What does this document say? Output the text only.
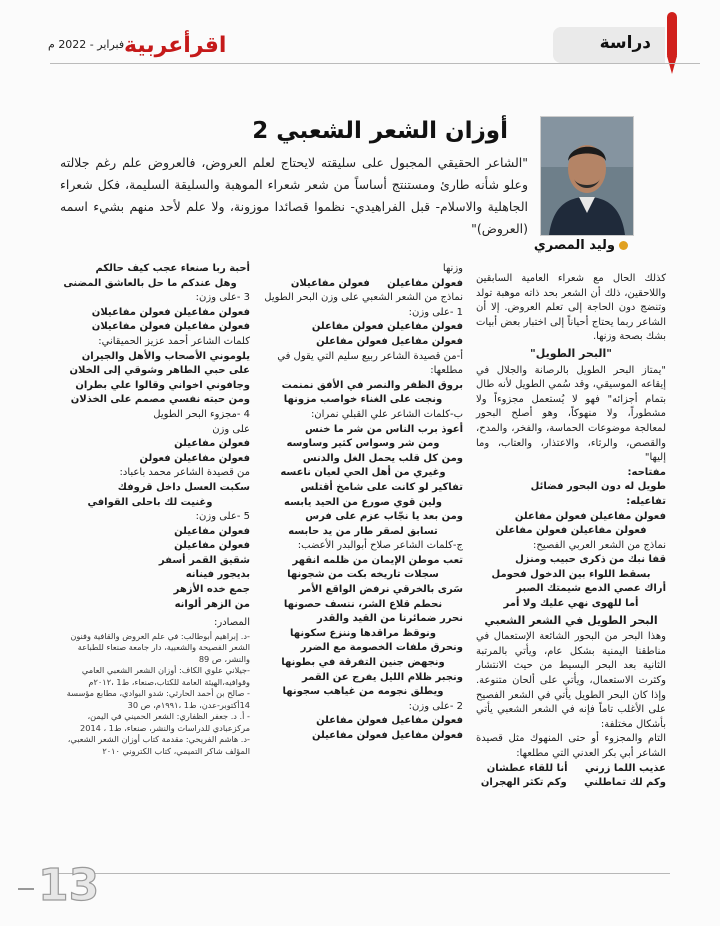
دراسة
اقرأعربية
فبراير - 2022 م
أوزان الشعر الشعبي 2
وليد المصري
"الشاعر الحقيقي المجبول على سليقته لايحتاج لعلم العروض، فالعروض علم رغم جلالته وعلو شأنه طارئ ومستنتج أساساً من شعر شعراء الموهبة والسليقة السليمة، فكل شعراء الجاهلية والاسلام- قبل الفراهيدي- نظموا قصائدا موزونة، ولا علم لأحد منهم بشيء اسمه (العروض)"

كذلك الحال مع شعراء العامية السابقين واللاحقين، ذلك أن الشعر بحد ذاته موهبة تولد وتنضج دون الحاجة إلى تعلم العروض. إلا أن الشاعر ربما يحتاج أحياناً إلى اختبار بعض أبيات بشك بصحة وزنها.

"البحر الطويل"

"يمتاز البحر الطويل بالرصانة والجلال في إيقاعه الموسيقي، وقد سُمي الطويل لأنه طال بتمام أجزائه" فهو لا يُستعمل مجزوءاً ولا مشطوراً، ولا منهوكاً، وهو أصلح البحور لمعالجة موضوعات الحماسة، والفخر، والمدح، والقصص، والرثاء، والاعتذار، والعتاب، وما إليها"

مفتاحه:

طويل له دون البحور فضائل

تفاعيله:

فعولن مفاعيلن فعولن مفاعلن

فعولن مفاعيلن فعولن مفاعلن

نماذج من الشعر العربي الفصيح:

قفا نبك من ذكرى حبيب ومنزل

بسقط اللواء بين الدخول فحومل

أراك عصي الدمع شيمتك الصبر

أما للهوى نهي عليك ولا أمر

البحر الطويل في الشعر الشعبي

وهذا البحر من البحور الشائعة الإستعمال في مناطقنا اليمنية بشكل عام، ويأتي بالمرتبة الثانية بعد البحر البسيط من حيث الانتشار وكثرت الاستعمال، ويأتي على ألحان متنوعة. وإذا كان البحر الطويل يأتي في الشعر الفصيح على الأغلب تاماً فإنه في الشعر الشعبي يأتي بأشكال مختلفة:

التام والمجزوء أو حتى المنهوك مثل قصيدة الشاعر أبي بكر العدني التي مطلعها:

عذيب اللما زرني     أنا للقاء عطشان

وكم لك تماطلني     وكم تكثر الهجران

وزنها

فعولن مفاعيلن     فعولن مفاعيلان

نماذج من الشعر الشعبي على وزن البحر الطويل

1 -على وزن:

فعولن مفاعيلن فعولن مفاعلن

فعولن مفاعيل فعولن مفاعلن

أ-من قصيدة الشاعر ربيع سليم التي يقول في مطلعها:

بروق الظفر والنصر في الأفق نمنمت

ونجت على الغناء خواصب مزونها

ب-كلمات الشاعر علي القبلي نمران:

أعوذ برب الناس من شر ما خنس

ومن شر وسواس كثير وساوسه

ومن كل قلب يحمل الغل والدنس

وغيري من أهل الحي لعيان ناعسه

تفاكير لو كانت على شامخ أقتلس

ولين قوي صورع من الحيد يابسه

ومن بعد يا نجّاب عزم على فرس

تسابق لصقر طار من يد حابسه

ج-كلمات الشاعر صلاح أبوالبدر الأعضب:

تعب موطن الإيمان من ظلمه انقهر

سجلات تاريخه بكت من شجونها

سَرى بالخرقي نرفض الواقع الأمر

نحطم قلاع الشر، ننسف حصونها

نحرر ضمائرنا من القيد والقدر

ونوقظ مراقدها وننزع سكونها

ونحرق ملفات الخصومة مع الضرر

ونجهض جنين التفرقة في بطونها

ونجبر ظلام الليل يفرج عن القمر

ويطلق نجومه من غياهب سجونها

2 -على وزن:

فعولن مفاعيل فعولن مفاعلن

فعولن مفاعيل فعولن مفاعيلن

أحبة ربا صنعاء عجب كيف حالكم

وهل عندكم ما حل بالعاشق المضنى

3 -على وزن:

فعولن مفاعيلن فعولن مفاعيلان

فعولن مفاعيلن فعولن مفاعيلان

كلمات الشاعر أحمد عزيز الحميقاني:

يلوموني الأصحاب والأهل والجيران

على حبي الطاهر وشوقي إلى الخلان

وجافوني اخواني وقالوا علي بطران

ومن حبته نفسي مصمم على الخذلان

4 -مجزوء البحر الطويل

على وزن

فعولن مفاعيلن

فعولن مفاعيلن فعولن

من قصيدة الشاعر محمد باعباد:

سكبت العسل داخل قروفك

وغنيت لك باحلى القوافي

5 -على وزن:

فعولن مفاعيلن

فعولن مفاعيلن

شقيق القمر أسفر

بديجور فينانه

جمع خده الأزهر

من الزهر ألوانه

المصادر:

-د. إبراهيم أبوطالب: في علم العروض والقافية وفنون الشعر الفصيحة والشعبية، دار جامعة صنعاء للطباعة والنشر، ص 89

-جيلاني علوي الكاف: أوزان الشعر الشعبي العامي وقوافيه،الهيئة العامة للكتاب،صنعاء، ط1 ،٢٠١٢م

- صالح بن أحمد الحارثي: شدو البوادي، مطابع مؤسسة 14أكتوبر-عدن، ط1 ،١٩٩١م، ص 30

- أ. د. جعفر الظفاري: الشعر الحميني في اليمن، مركزعبادي للدراسات والنشر، صنعاء، ط1 ، 2014

-د. هاشم الفريحي: مقدمة كتاب أوزان الشعر الشعبي، المؤلف شاكر التميمي، كتاب الكتروني ٢٠١٠

13
